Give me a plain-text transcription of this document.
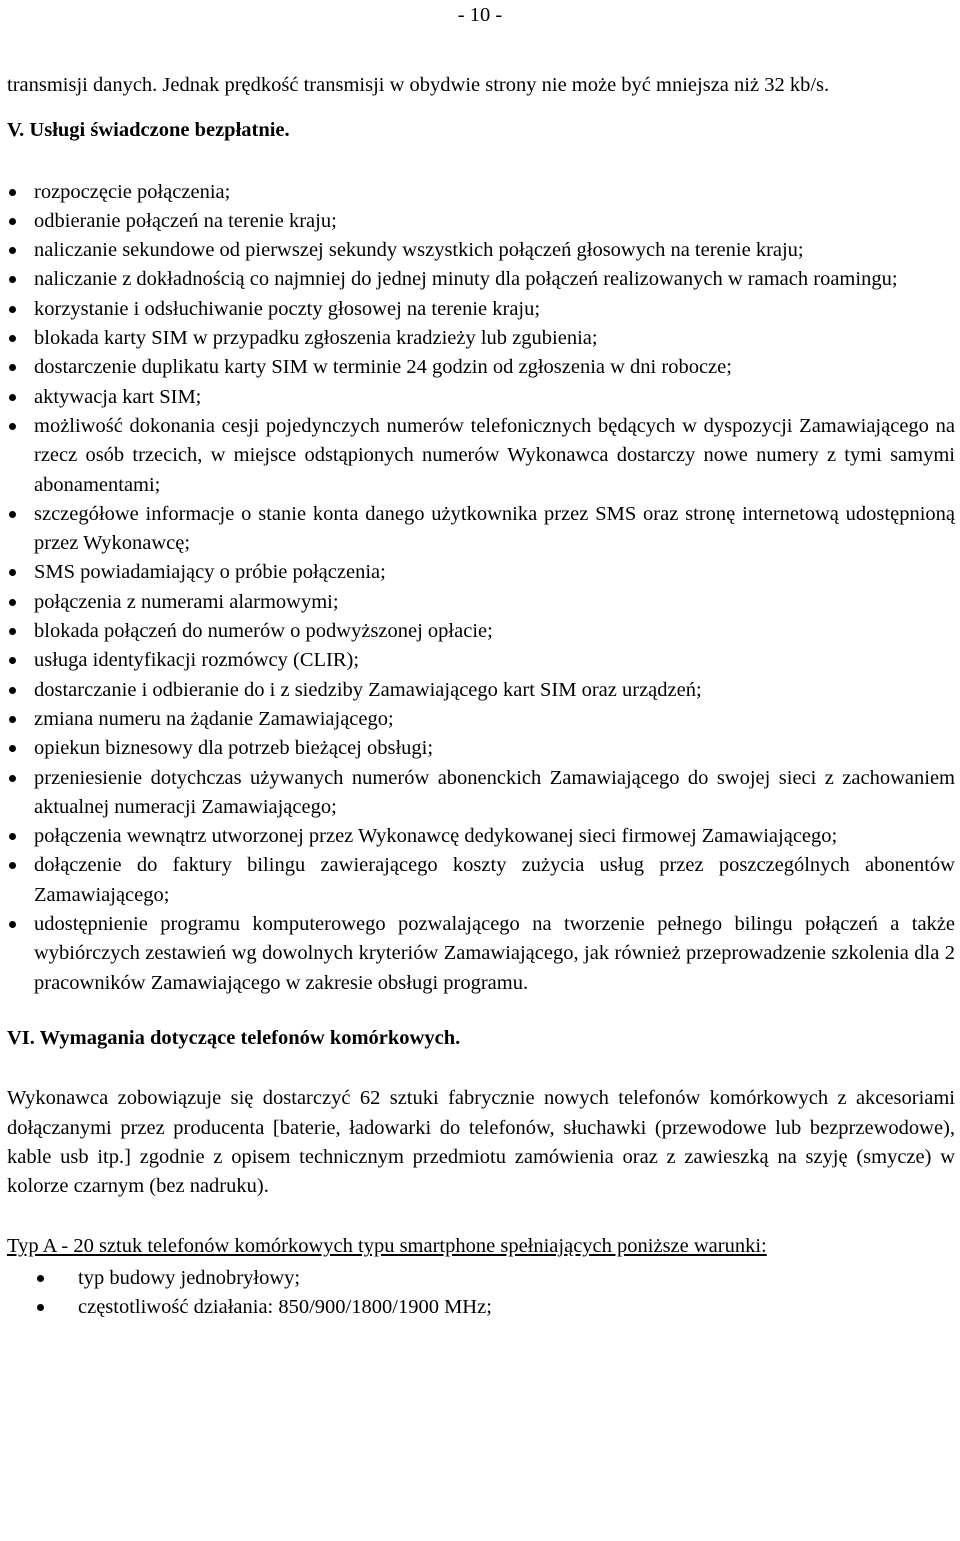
- 10 -

transmisji danych. Jednak prędkość transmisji w obydwie strony nie może być mniejsza niż 32 kb/s.

V. Usługi świadczone bezpłatnie.

rozpoczęcie połączenia;
odbieranie połączeń na terenie kraju;
naliczanie sekundowe od pierwszej sekundy wszystkich połączeń głosowych na terenie kraju;
naliczanie z dokładnością co najmniej do jednej minuty dla połączeń realizowanych w ramach roamingu;
korzystanie i odsłuchiwanie poczty głosowej na terenie kraju;
blokada karty SIM w przypadku zgłoszenia kradzieży lub zgubienia;
dostarczenie duplikatu karty SIM w terminie 24 godzin od zgłoszenia w dni robocze;
aktywacja kart SIM;
możliwość dokonania cesji pojedynczych numerów telefonicznych będących w dyspozycji Zamawiającego na rzecz osób trzecich, w miejsce odstąpionych numerów Wykonawca dostarczy nowe numery z tymi samymi abonamentami;
szczegółowe informacje o stanie konta danego użytkownika przez SMS oraz stronę internetową udostępnioną przez Wykonawcę;
SMS powiadamiający o próbie połączenia;
połączenia z numerami alarmowymi;
blokada połączeń do numerów o podwyższonej opłacie;
usługa identyfikacji rozmówcy (CLIR);
dostarczanie i odbieranie do i z siedziby Zamawiającego kart SIM oraz urządzeń;
zmiana numeru na żądanie Zamawiającego;
opiekun biznesowy dla potrzeb bieżącej obsługi;
przeniesienie dotychczas używanych numerów abonenckich Zamawiającego do swojej sieci z zachowaniem aktualnej numeracji Zamawiającego;
połączenia wewnątrz utworzonej przez Wykonawcę dedykowanej sieci firmowej Zamawiającego;
dołączenie do faktury bilingu zawierającego koszty zużycia usług przez poszczególnych abonentów Zamawiającego;
udostępnienie programu komputerowego pozwalającego na tworzenie pełnego bilingu połączeń a także wybiórczych zestawień wg dowolnych kryteriów Zamawiającego, jak również przeprowadzenie szkolenia dla 2 pracowników Zamawiającego w zakresie obsługi programu.

VI. Wymagania dotyczące telefonów komórkowych.

Wykonawca zobowiązuje się dostarczyć 62 sztuki fabrycznie nowych telefonów komórkowych z akcesoriami dołączanymi przez producenta [baterie, ładowarki do telefonów, słuchawki (przewodowe lub bezprzewodowe), kable usb itp.] zgodnie z opisem technicznym przedmiotu zamówienia oraz z zawieszką na szyję (smycze) w kolorze czarnym (bez nadruku).

Typ A - 20 sztuk telefonów komórkowych typu smartphone spełniających poniższe warunki:

typ budowy jednobryłowy;
częstotliwość działania: 850/900/1800/1900 MHz;
